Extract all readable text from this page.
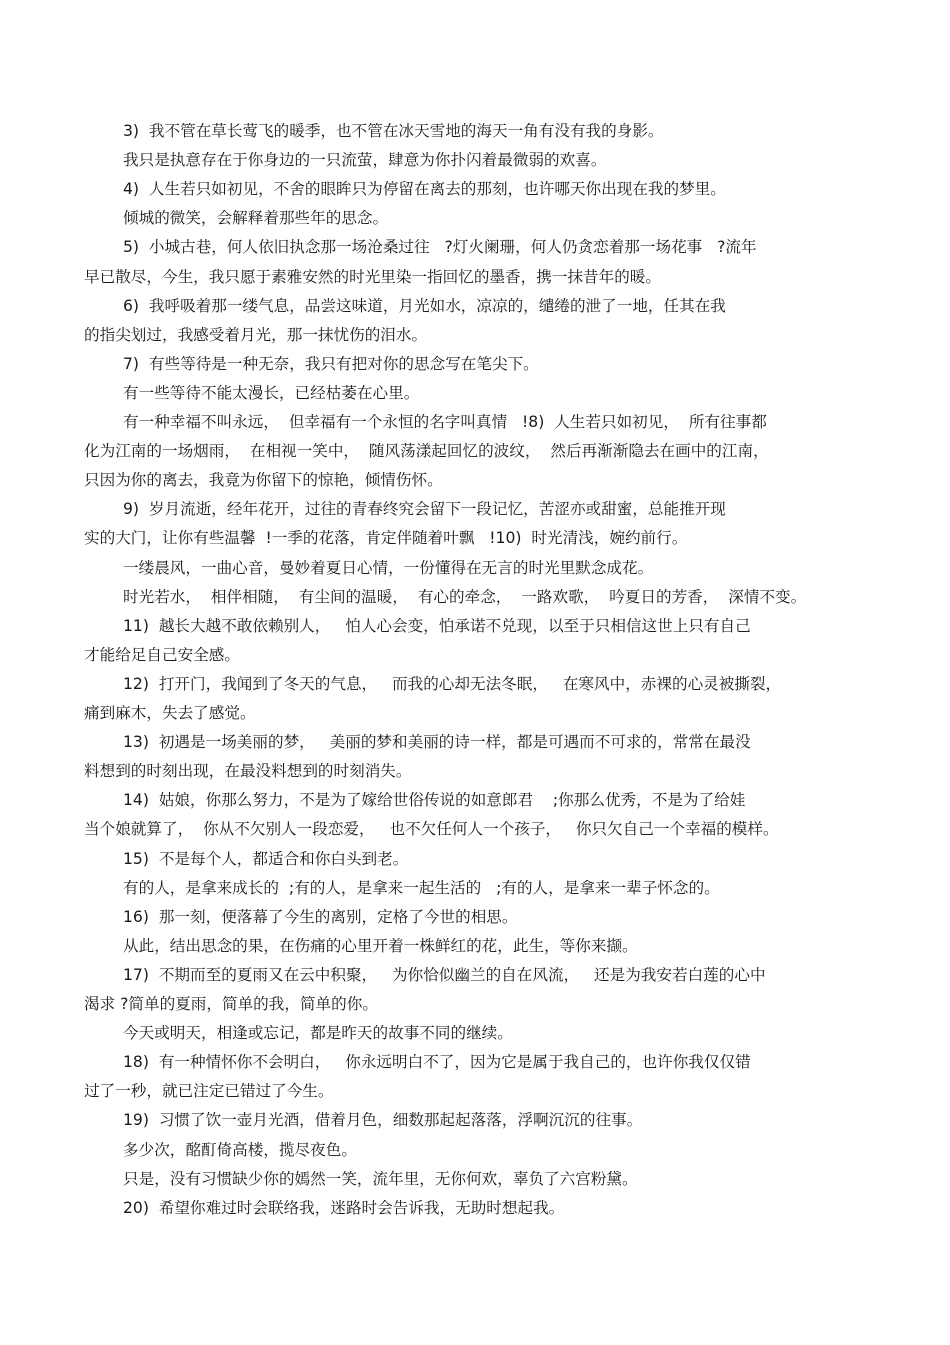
3)  我不管在草长莺飞的暖季，也不管在冰天雪地的海天一角有没有我的身影。
我只是执意存在于你身边的一只流萤，肆意为你扑闪着最微弱的欢喜。
4)  人生若只如初见，不舍的眼眸只为停留在离去的那刻，也许哪天你出现在我的梦里。
倾城的微笑，会解释着那些年的思念。
5)  小城古巷，何人依旧执念那一场沧桑过往   ?灯火阑珊，何人仍贪恋着那一场花事   ?流年
早已散尽，今生，我只愿于素雅安然的时光里染一指回忆的墨香，携一抹昔年的暖。
6)  我呼吸着那一缕气息，品尝这味道，月光如水，凉凉的，缱绻的泄了一地，任其在我
的指尖划过，我感受着月光，那一抹忧伤的泪水。
7)  有些等待是一种无奈，我只有把对你的思念写在笔尖下。
有一些等待不能太漫长，已经枯萎在心里。
有一种幸福不叫永远，  但幸福有一个永恒的名字叫真情   !8)  人生若只如初见，  所有往事都
化为江南的一场烟雨，  在相视一笑中，  随风荡漾起回忆的波纹，  然后再渐渐隐去在画中的江南，
只因为你的离去，我竟为你留下的惊艳，倾情伤怀。
9)  岁月流逝，经年花开，过往的青春终究会留下一段记忆，苦涩亦或甜蜜，总能推开现
实的大门，让你有些温馨  !一季的花落，肯定伴随着叶飘   !10)  时光清浅，婉约前行。
一缕晨风，一曲心音，曼妙着夏日心情，一份懂得在无言的时光里默念成花。
时光若水，  相伴相随，  有尘间的温暖，  有心的牵念，  一路欢歌，  吟夏日的芳香，  深情不变。
11)  越长大越不敢依赖别人，   怕人心会变，怕承诺不兑现，以至于只相信这世上只有自己
才能给足自己安全感。
12)  打开门，我闻到了冬天的气息，   而我的心却无法冬眠，   在寒风中，赤裸的心灵被撕裂，
痛到麻木，失去了感觉。
13)  初遇是一场美丽的梦，   美丽的梦和美丽的诗一样，都是可遇而不可求的，常常在最没
料想到的时刻出现，在最没料想到的时刻消失。
14)  姑娘，你那么努力，不是为了嫁给世俗传说的如意郎君    ;你那么优秀，不是为了给娃
当个娘就算了，  你从不欠别人一段恋爱，   也不欠任何人一个孩子，   你只欠自己一个幸福的模样。
15)  不是每个人，都适合和你白头到老。
有的人，是拿来成长的  ;有的人，是拿来一起生活的   ;有的人，是拿来一辈子怀念的。
16)  那一刻，便落幕了今生的离别，定格了今世的相思。
从此，结出思念的果，在伤痛的心里开着一株鲜红的花，此生，等你来撷。
17)  不期而至的夏雨又在云中积聚，   为你恰似幽兰的自在风流，   还是为我安若白莲的心中
渴求 ?简单的夏雨，简单的我，简单的你。
今天或明天，相逢或忘记，都是昨天的故事不同的继续。
18)  有一种情怀你不会明白，   你永远明白不了，因为它是属于我自己的，也许你我仅仅错
过了一秒，就已注定已错过了今生。
19)  习惯了饮一壶月光酒，借着月色，细数那起起落落，浮啊沉沉的往事。
多少次，酩酊倚高楼，揽尽夜色。
只是，没有习惯缺少你的嫣然一笑，流年里，无你何欢，辜负了六宫粉黛。
20)  希望你难过时会联络我，迷路时会告诉我，无助时想起我。
